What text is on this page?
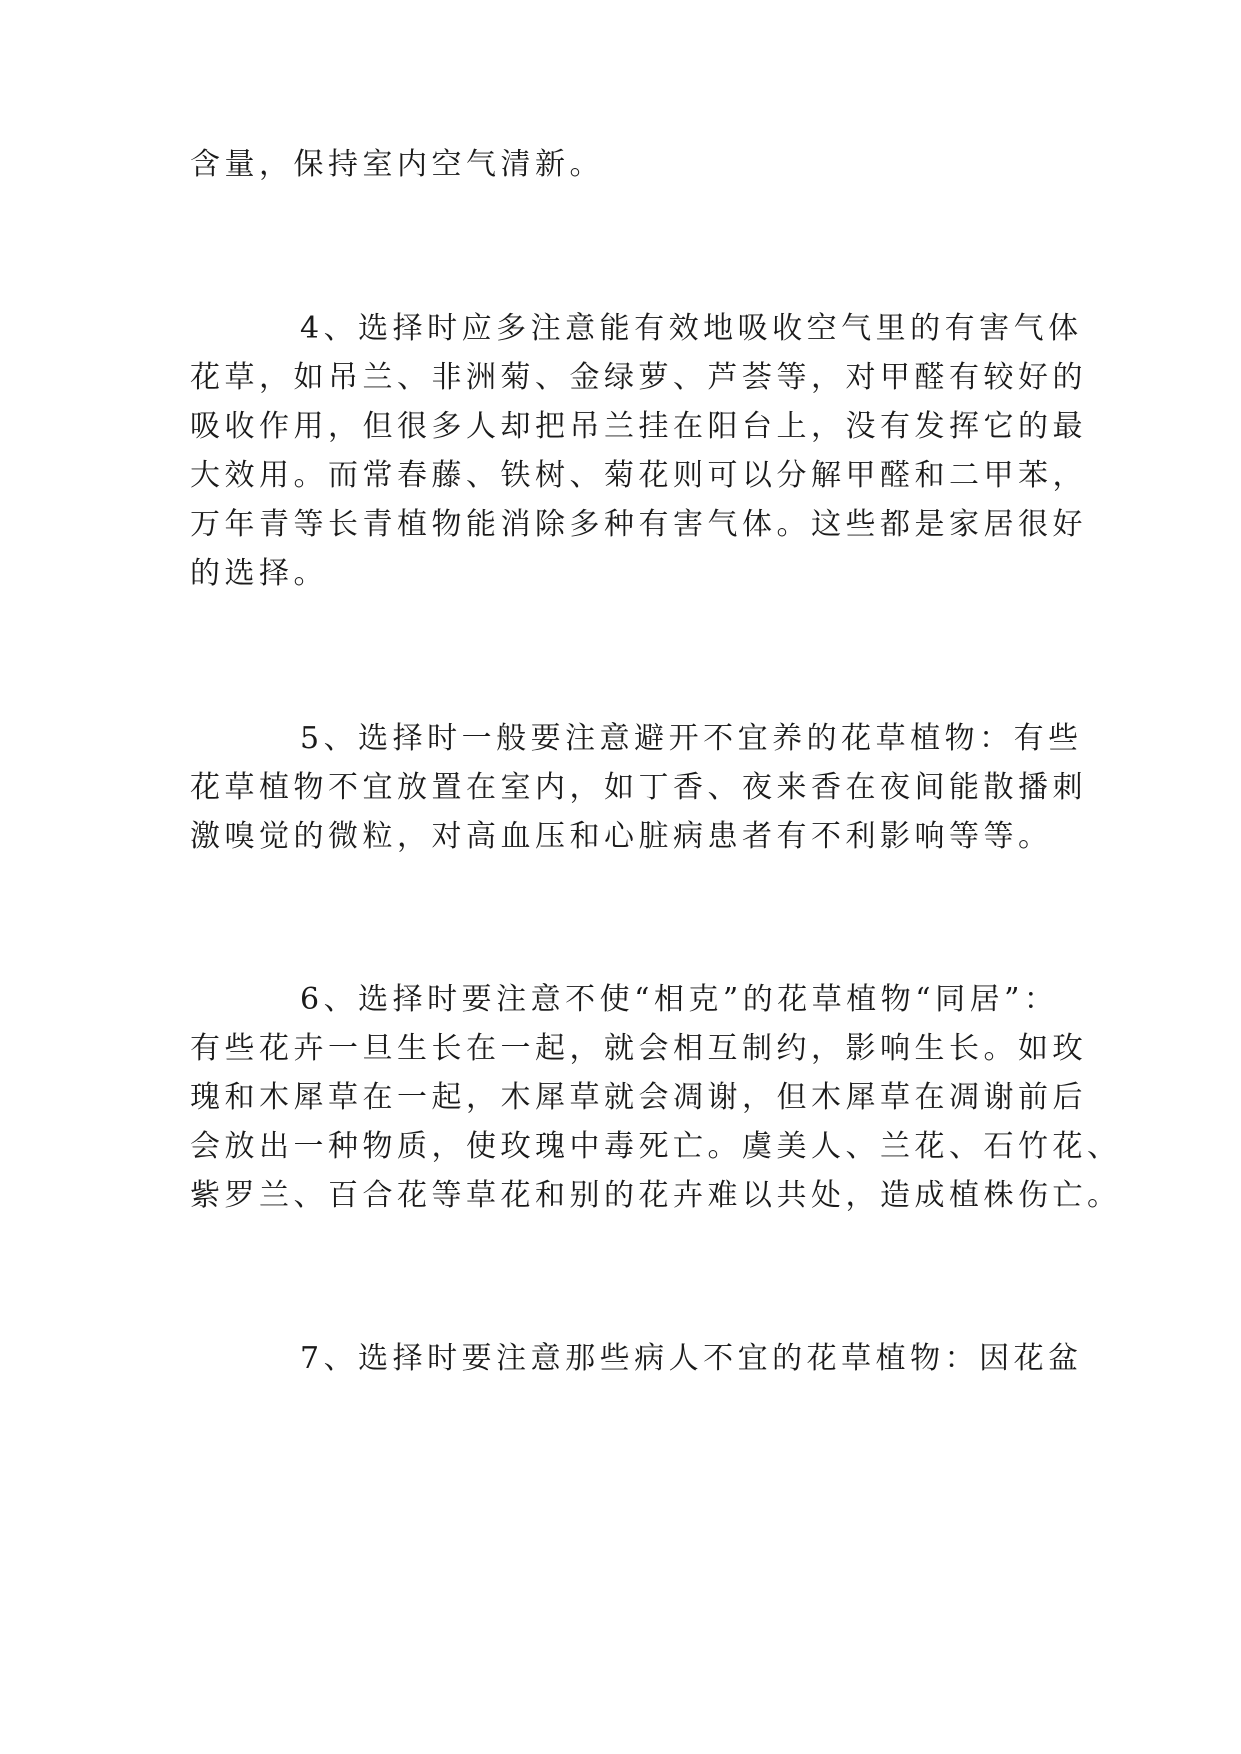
含量，保持室内空气清新。
4、选择时应多注意能有效地吸收空气里的有害气体
花草，如吊兰、非洲菊、金绿萝、芦荟等，对甲醛有较好的
吸收作用，但很多人却把吊兰挂在阳台上，没有发挥它的最
大效用。而常春藤、铁树、菊花则可以分解甲醛和二甲苯，
万年青等长青植物能消除多种有害气体。这些都是家居很好
的选择。
5、选择时一般要注意避开不宜养的花草植物：有些
花草植物不宜放置在室内，如丁香、夜来香在夜间能散播刺
激嗅觉的微粒，对高血压和心脏病患者有不利影响等等。
6、选择时要注意不使“相克”的花草植物“同居”：
有些花卉一旦生长在一起，就会相互制约，影响生长。如玫
瑰和木犀草在一起，木犀草就会凋谢，但木犀草在凋谢前后
会放出一种物质，使玫瑰中毒死亡。虞美人、兰花、石竹花、
紫罗兰、百合花等草花和别的花卉难以共处，造成植株伤亡。
7、选择时要注意那些病人不宜的花草植物：因花盆
